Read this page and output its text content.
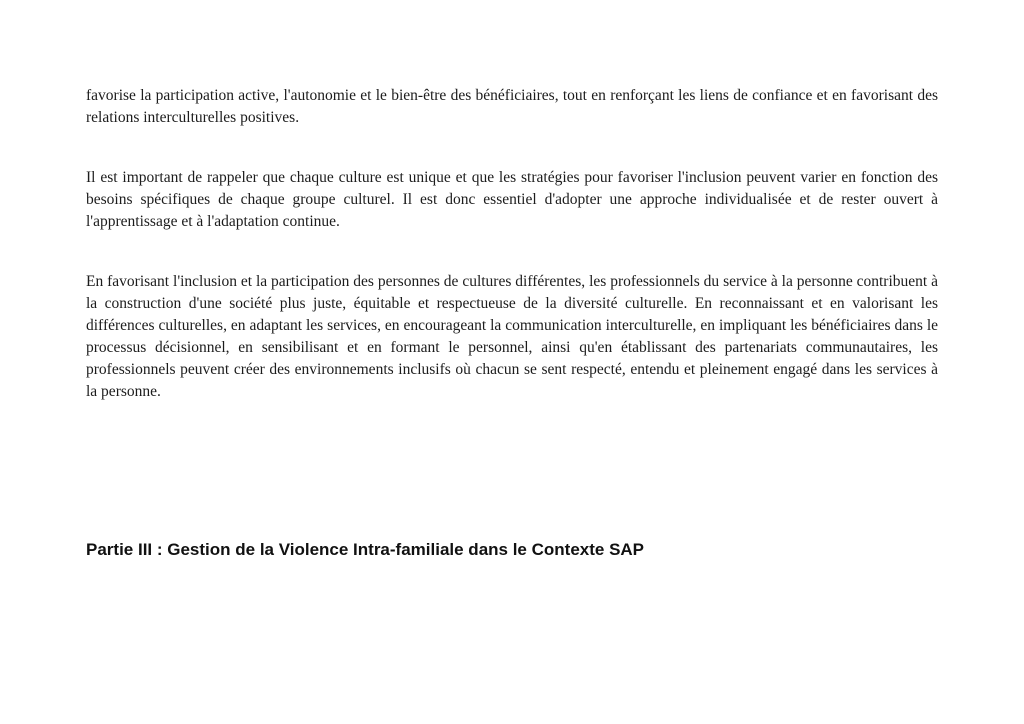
favorise la participation active, l'autonomie et le bien-être des bénéficiaires, tout en renforçant les liens de confiance et en favorisant des relations interculturelles positives.

Il est important de rappeler que chaque culture est unique et que les stratégies pour favoriser l'inclusion peuvent varier en fonction des besoins spécifiques de chaque groupe culturel. Il est donc essentiel d'adopter une approche individualisée et de rester ouvert à l'apprentissage et à l'adaptation continue.

En favorisant l'inclusion et la participation des personnes de cultures différentes, les professionnels du service à la personne contribuent à la construction d'une société plus juste, équitable et respectueuse de la diversité culturelle. En reconnaissant et en valorisant les différences culturelles, en adaptant les services, en encourageant la communication interculturelle, en impliquant les bénéficiaires dans le processus décisionnel, en sensibilisant et en formant le personnel, ainsi qu'en établissant des partenariats communautaires, les professionnels peuvent créer des environnements inclusifs où chacun se sent respecté, entendu et pleinement engagé dans les services à la personne.

Partie III : Gestion de la Violence Intra-familiale dans le Contexte SAP
